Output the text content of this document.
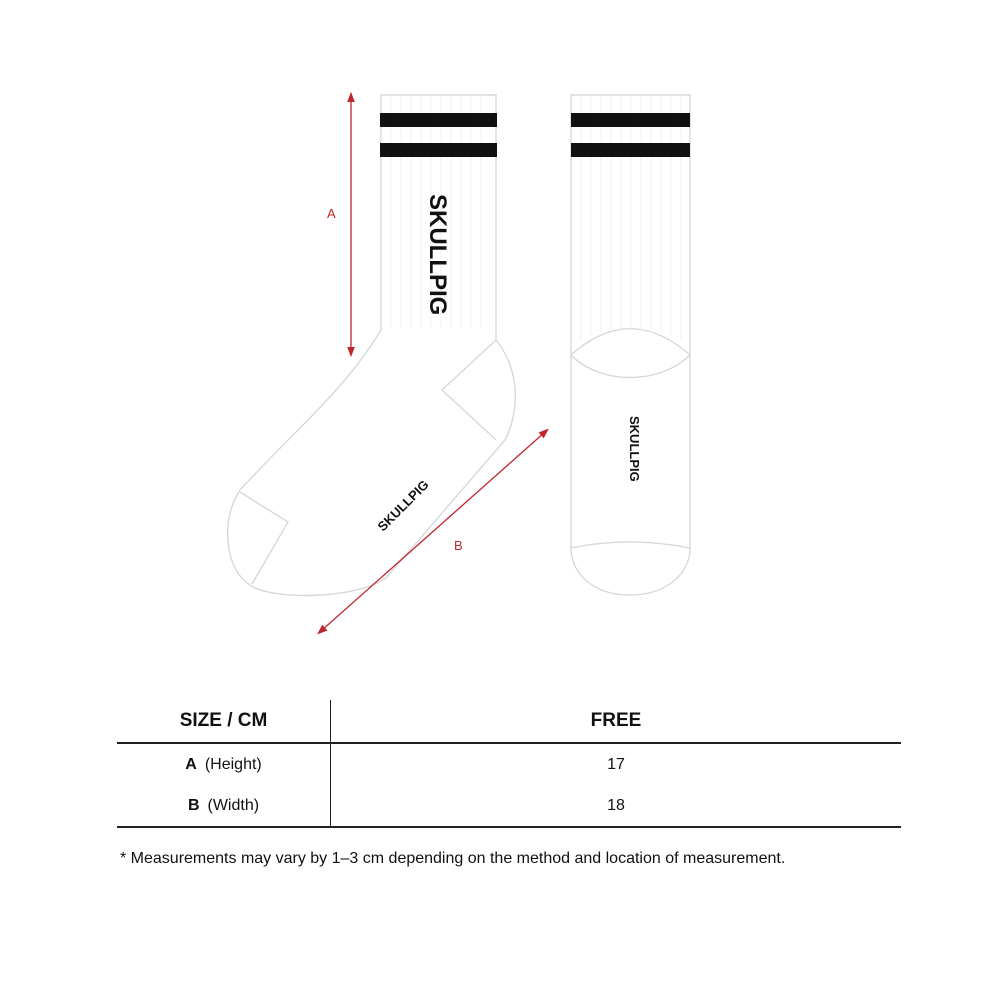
SKULLPIG
SKULLPIG
SKULLPIG
A
B
SIZE / CM	FREE
A (Height)	17
B (Width)	18
* Measurements may vary by 1–3 cm depending on the method and location of measurement.
